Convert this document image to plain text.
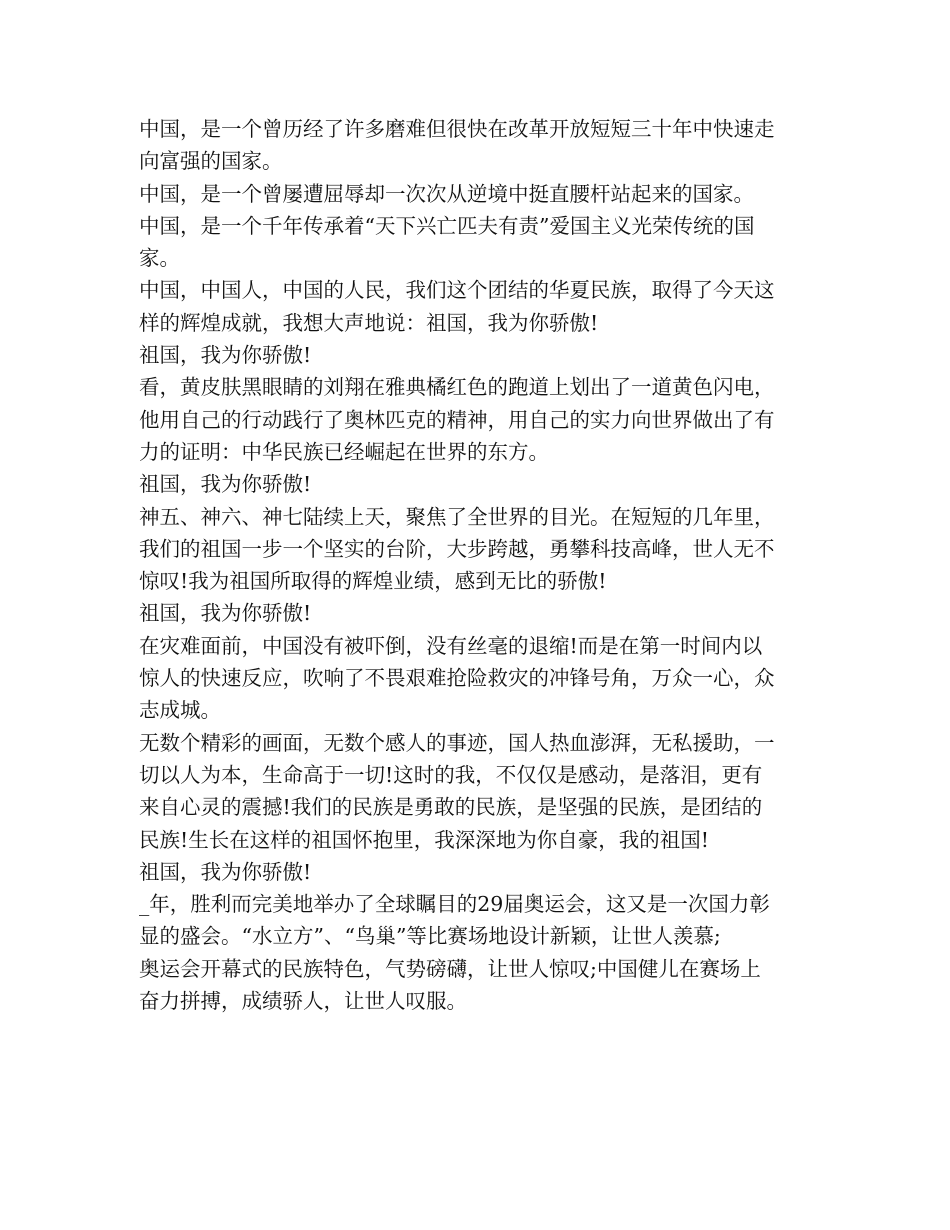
中国，是一个曾历经了许多磨难但很快在改革开放短短三十年中快速走
向富强的国家。

中国，是一个曾屡遭屈辱却一次次从逆境中挺直腰杆站起来的国家。

中国，是一个千年传承着“天下兴亡匹夫有责”爱国主义光荣传统的国
家。

中国，中国人，中国的人民，我们这个团结的华夏民族，取得了今天这
样的辉煌成就，我想大声地说：祖国，我为你骄傲!

祖国，我为你骄傲!

看，黄皮肤黑眼睛的刘翔在雅典橘红色的跑道上划出了一道黄色闪电，
他用自己的行动践行了奥林匹克的精神，用自己的实力向世界做出了有
力的证明：中华民族已经崛起在世界的东方。

祖国，我为你骄傲!

神五、神六、神七陆续上天，聚焦了全世界的目光。在短短的几年里，
我们的祖国一步一个坚实的台阶，大步跨越，勇攀科技高峰，世人无不
惊叹!我为祖国所取得的辉煌业绩，感到无比的骄傲!

祖国，我为你骄傲!

在灾难面前，中国没有被吓倒，没有丝毫的退缩!而是在第一时间内以
惊人的快速反应，吹响了不畏艰难抢险救灾的冲锋号角，万众一心，众
志成城。

无数个精彩的画面，无数个感人的事迹，国人热血澎湃，无私援助，一
切以人为本，生命高于一切!这时的我，不仅仅是感动，是落泪，更有
来自心灵的震撼!我们的民族是勇敢的民族，是坚强的民族，是团结的
民族!生长在这样的祖国怀抱里，我深深地为你自豪，我的祖国!

祖国，我为你骄傲!

_年，胜利而完美地举办了全球瞩目的29届奥运会，这又是一次国力彰
显的盛会。“水立方”、“鸟巢”等比赛场地设计新颖，让世人羡慕;
奥运会开幕式的民族特色，气势磅礴，让世人惊叹;中国健儿在赛场上
奋力拼搏，成绩骄人，让世人叹服。
